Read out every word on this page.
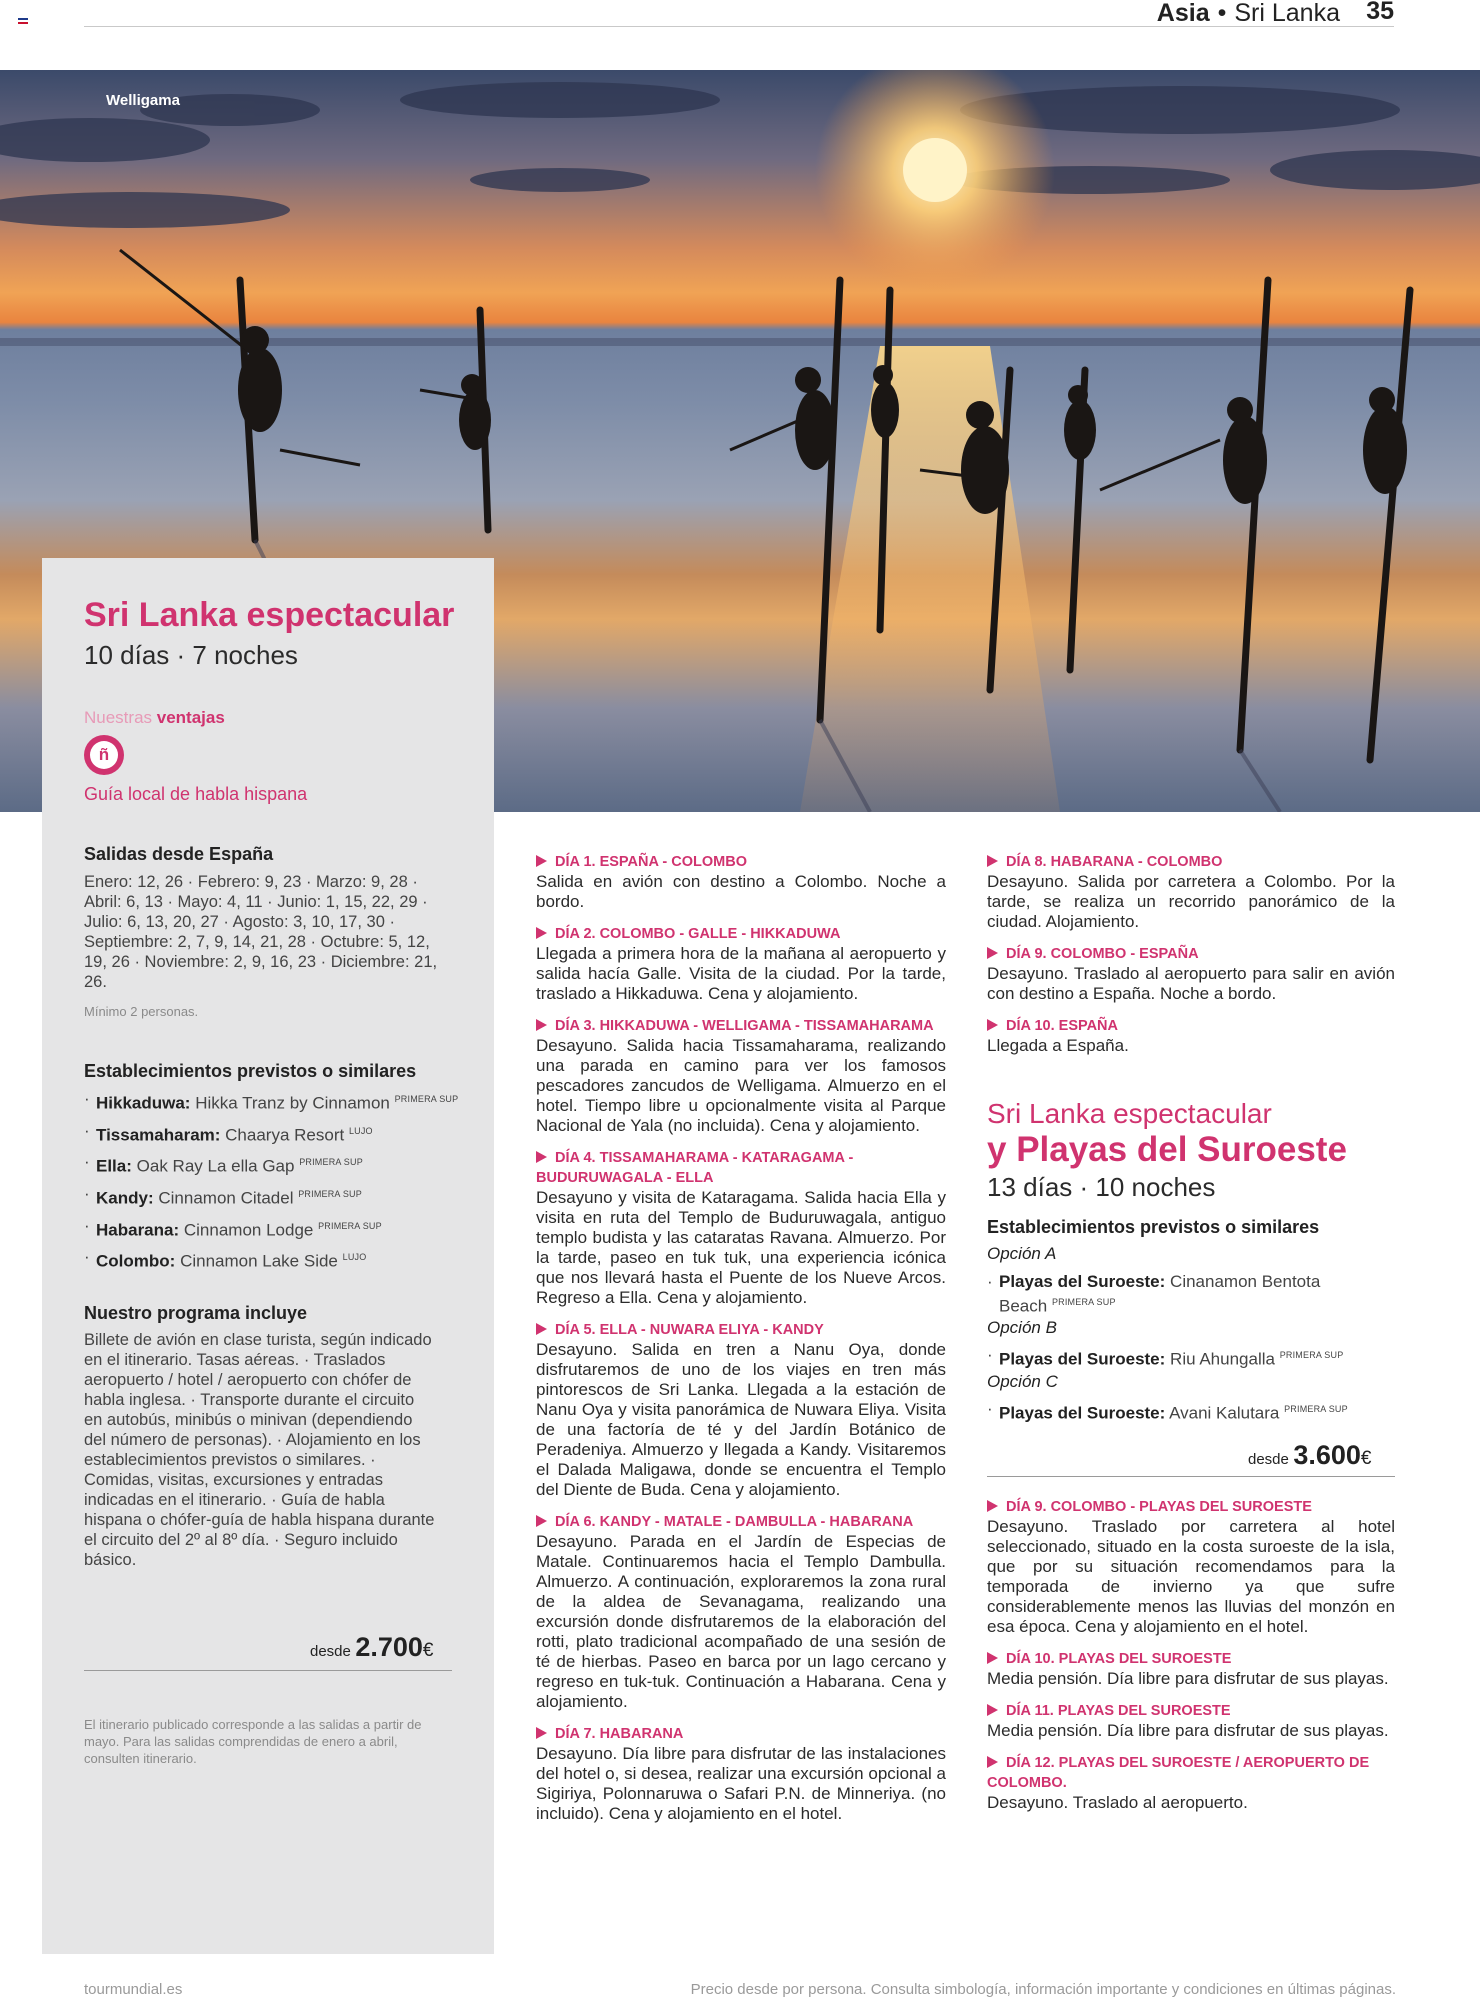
Asia • Sri Lanka 35
Welligama
Sri Lanka espectacular
10 días · 7 noches
Nuestras ventajas
ñ
Guía local de habla hispana
Salidas desde España
Enero: 12, 26 · Febrero: 9, 23 · Marzo: 9, 28 · Abril: 6, 13 · Mayo: 4, 11 · Junio: 1, 15, 22, 29 · Julio: 6, 13, 20, 27 · Agosto: 3, 10, 17, 30 · Septiembre: 2, 7, 9, 14, 21, 28 · Octubre: 5, 12, 19, 26 · Noviembre: 2, 9, 16, 23 · Diciembre: 21, 26.
Mínimo 2 personas.
Establecimientos previstos o similares
· Hikkaduwa: Hikka Tranz by Cinnamon $^{PRIMERA SUP}$
· Tissamaharam: Chaarya Resort $^{LUJO}$
· Ella: Oak Ray La ella Gap $^{PRIMERA SUP}$
· Kandy: Cinnamon Citadel $^{PRIMERA SUP}$
· Habarana: Cinnamon Lodge $^{PRIMERA SUP}$
· Colombo: Cinnamon Lake Side $^{LUJO}$
Nuestro programa incluye
Billete de avión en clase turista, según indicado en el itinerario. Tasas aéreas. · Traslados aeropuerto / hotel / aeropuerto con chófer de habla inglesa. · Transporte durante el circuito en autobús, minibús o minivan (dependiendo del número de personas). · Alojamiento en los establecimientos previstos o similares. · Comidas, visitas, excursiones y entradas indicadas en el itinerario. · Guía de habla hispana o chófer-guía de habla hispana durante el circuito del 2º al 8º día. · Seguro incluido básico.
desde 2.700€
El itinerario publicado corresponde a las salidas a partir de mayo. Para las salidas comprendidas de enero a abril, consulten itinerario.
DÍA 1. ESPAÑA - COLOMBO
Salida en avión con destino a Colombo. Noche a bordo.
DÍA 2. COLOMBO - GALLE - HIKKADUWA
Llegada a primera hora de la mañana al aeropuerto y salida hacía Galle. Visita de la ciudad. Por la tarde, traslado a Hikkaduwa. Cena y alojamiento.
DÍA 3. HIKKADUWA - WELLIGAMA - TISSAMAHARAMA
Desayuno. Salida hacia Tissamaharama, realizando una parada en camino para ver los famosos pescadores zancudos de Welligama. Almuerzo en el hotel. Tiempo libre u opcionalmente visita al Parque Nacional de Yala (no incluida). Cena y alojamiento.
DÍA 4. TISSAMAHARAMA - KATARAGAMA - BUDURUWAGALA - ELLA
Desayuno y visita de Kataragama. Salida hacia Ella y visita en ruta del Templo de Buduruwagala, antiguo templo budista y las cataratas Ravana. Almuerzo. Por la tarde, paseo en tuk tuk, una experiencia icónica que nos llevará hasta el Puente de los Nueve Arcos. Regreso a Ella. Cena y alojamiento.
DÍA 5. ELLA - NUWARA ELIYA - KANDY
Desayuno. Salida en tren a Nanu Oya, donde disfrutaremos de uno de los viajes en tren más pintorescos de Sri Lanka. Llegada a la estación de Nanu Oya y visita panorámica de Nuwara Eliya. Visita de una factoría de té y del Jardín Botánico de Peradeniya. Almuerzo y llegada a Kandy. Visitaremos el Dalada Maligawa, donde se encuentra el Templo del Diente de Buda. Cena y alojamiento.
DÍA 6. KANDY - MATALE - DAMBULLA - HABARANA
Desayuno. Parada en el Jardín de Especias de Matale. Continuaremos hacia el Templo Dambulla. Almuerzo. A continuación, exploraremos la zona rural de la aldea de Sevanagama, realizando una excursión donde disfrutaremos de la elaboración del rotti, plato tradicional acompañado de una sesión de té de hierbas. Paseo en barca por un lago cercano y regreso en tuk-tuk. Continuación a Habarana. Cena y alojamiento.
DÍA 7. HABARANA
Desayuno. Día libre para disfrutar de las instalaciones del hotel o, si desea, realizar una excursión opcional a Sigiriya, Polonnaruwa o Safari P.N. de Minneriya. (no incluido). Cena y alojamiento en el hotel.
DÍA 8. HABARANA - COLOMBO
Desayuno. Salida por carretera a Colombo. Por la tarde, se realiza un recorrido panorámico de la ciudad. Alojamiento.
DÍA 9. COLOMBO - ESPAÑA
Desayuno. Traslado al aeropuerto para salir en avión con destino a España. Noche a bordo.
DÍA 10. ESPAÑA
Llegada a España.
Sri Lanka espectacular
y Playas del Suroeste
13 días · 10 noches
Establecimientos previstos o similares
Opción A
· Playas del Suroeste: Cinanamon Bentota Beach $^{PRIMERA SUP}$
Opción B
· Playas del Suroeste: Riu Ahungalla $^{PRIMERA SUP}$
Opción C
· Playas del Suroeste: Avani Kalutara $^{PRIMERA SUP}$
desde 3.600€
DÍA 9. COLOMBO - PLAYAS DEL SUROESTE
Desayuno. Traslado por carretera al hotel seleccionado, situado en la costa suroeste de la isla, que por su situación recomendamos para la temporada de invierno ya que sufre considerablemente menos las lluvias del monzón en esa época. Cena y alojamiento en el hotel.
DÍA 10. PLAYAS DEL SUROESTE
Media pensión. Día libre para disfrutar de sus playas.
DÍA 11. PLAYAS DEL SUROESTE
Media pensión. Día libre para disfrutar de sus playas.
DÍA 12. PLAYAS DEL SUROESTE / AEROPUERTO DE COLOMBO.
Desayuno. Traslado al aeropuerto.
tourmundial.es	Precio desde por persona. Consulta simbología, información importante y condiciones en últimas páginas.
